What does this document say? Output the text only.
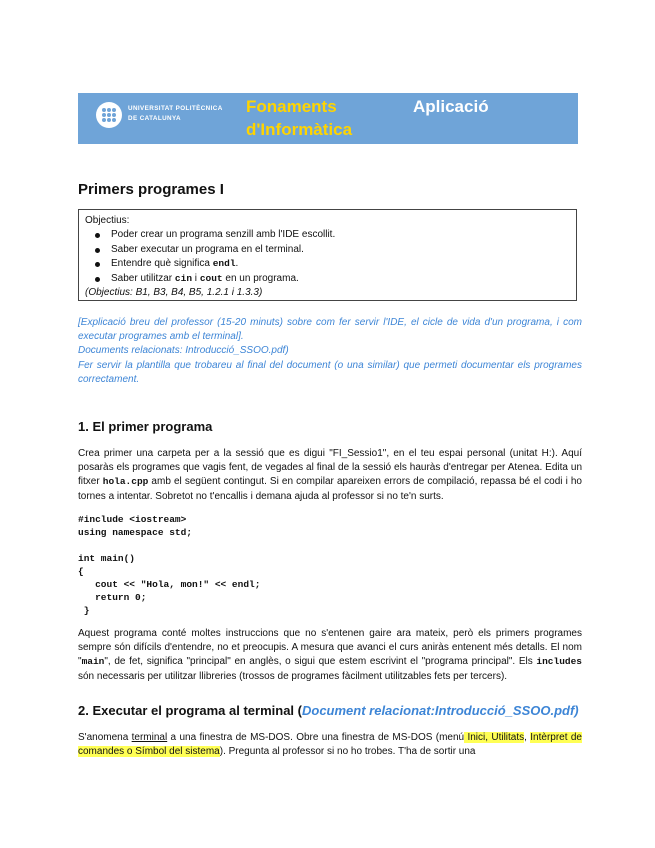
UNIVERSITAT POLITÈCNICA
DE CATALUNYA
Fonaments
d'Informàtica
Aplicació
Primers programes I
Objectius:
Poder crear un programa senzill amb l'IDE escollit.
Saber executar un programa en el terminal.
Entendre què significa endl.
Saber utilitzar cin i cout en un programa.
(Objectius: B1, B3, B4, B5, 1.2.1 i 1.3.3)

[Explicació breu del professor (15-20 minuts) sobre com fer servir l'IDE, el cicle de vida d'un programa, i com executar programes amb el terminal].

Documents relacionats: Introducció_SSOO.pdf)

Fer servir la plantilla que trobareu al final del document (o una similar) que permeti documentar els programes correctament.

1. El primer programa

Crea primer una carpeta per a la sessió que es digui "FI_Sessio1", en el teu espai personal (unitat H:). Aquí posaràs els programes que vagis fent, de vegades al final de la sessió els hauràs d'entregar per Atenea. Edita un fitxer hola.cpp amb el següent contingut. Si en compilar apareixen errors de compilació, repassa bé el codi i ho tornes a intentar. Sobretot no t'encallis i demana ajuda al professor si no te'n surts.

#include <iostream>
using namespace std;

int main()
{
cout << "Hola, mon!" << endl;
return 0;
}

Aquest programa conté moltes instruccions que no s'entenen gaire ara mateix, però els primers programes sempre són difícils d'entendre, no et preocupis. A mesura que avanci el curs aniràs entenent més detalls. El nom "main", de fet, significa "principal" en anglès, o sigui que estem escrivint el "programa principal". Els includes són necessaris per utilitzar llibreries (trossos de programes fàcilment utilitzables fets per tercers).

2. Executar el programa al terminal (Document relacionat:Introducció_SSOO.pdf)

S'anomena terminal a una finestra de MS-DOS. Obre una finestra de MS-DOS (menú Inici, Utilitats, Intèrpret de comandes o Símbol del sistema). Pregunta al professor si no ho trobes. T'ha de sortir una
